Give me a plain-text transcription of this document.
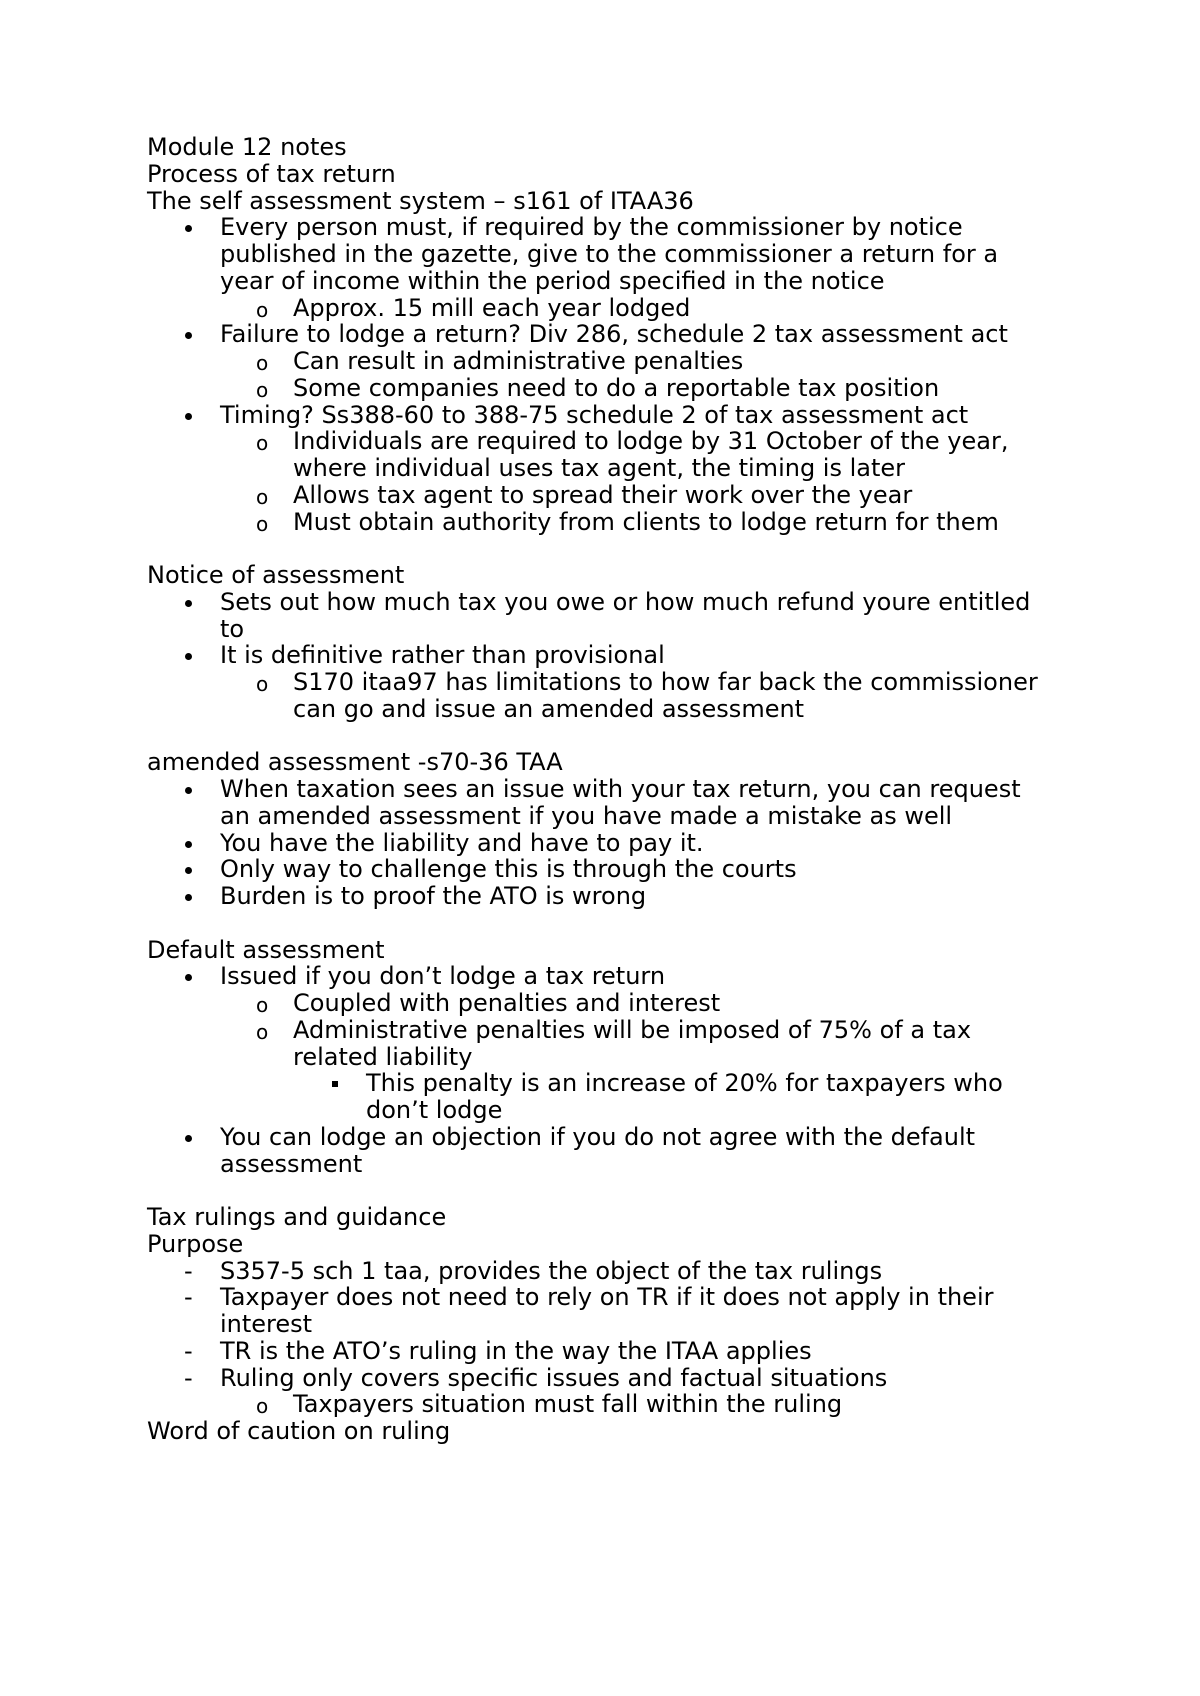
Module 12 notes
Process of tax return
The self assessment system – s161 of ITAA36
Every person must, if required by the commissioner by notice
published in the gazette, give to the commissioner a return for a
year of income within the period specified in the notice
Approx. 15 mill each year lodged
o
Failure to lodge a return? Div 286, schedule 2 tax assessment act
Can result in administrative penalties
o
Some companies need to do a reportable tax position
o
Timing? Ss388-60 to 388-75 schedule 2 of tax assessment act
Individuals are required to lodge by 31 October of the year,
o
where individual uses tax agent, the timing is later
Allows tax agent to spread their work over the year
o
Must obtain authority from clients to lodge return for them
o
Notice of assessment
Sets out how much tax you owe or how much refund youre entitled
to
It is definitive rather than provisional
S170 itaa97 has limitations to how far back the commissioner
o
can go and issue an amended assessment
amended assessment -s70-36 TAA
When taxation sees an issue with your tax return, you can request
an amended assessment if you have made a mistake as well
You have the liability and have to pay it.
Only way to challenge this is through the courts
Burden is to proof the ATO is wrong
Default assessment
Issued if you don’t lodge a tax return
Coupled with penalties and interest
o
Administrative penalties will be imposed of 75% of a tax
o
related liability
This penalty is an increase of 20% for taxpayers who
don’t lodge
You can lodge an objection if you do not agree with the default
assessment
Tax rulings and guidance
Purpose
S357-5 sch 1 taa, provides the object of the tax rulings
-
Taxpayer does not need to rely on TR if it does not apply in their
-
interest
TR is the ATO’s ruling in the way the ITAA applies
-
Ruling only covers specific issues and factual situations
-
Taxpayers situation must fall within the ruling
o
Word of caution on ruling
